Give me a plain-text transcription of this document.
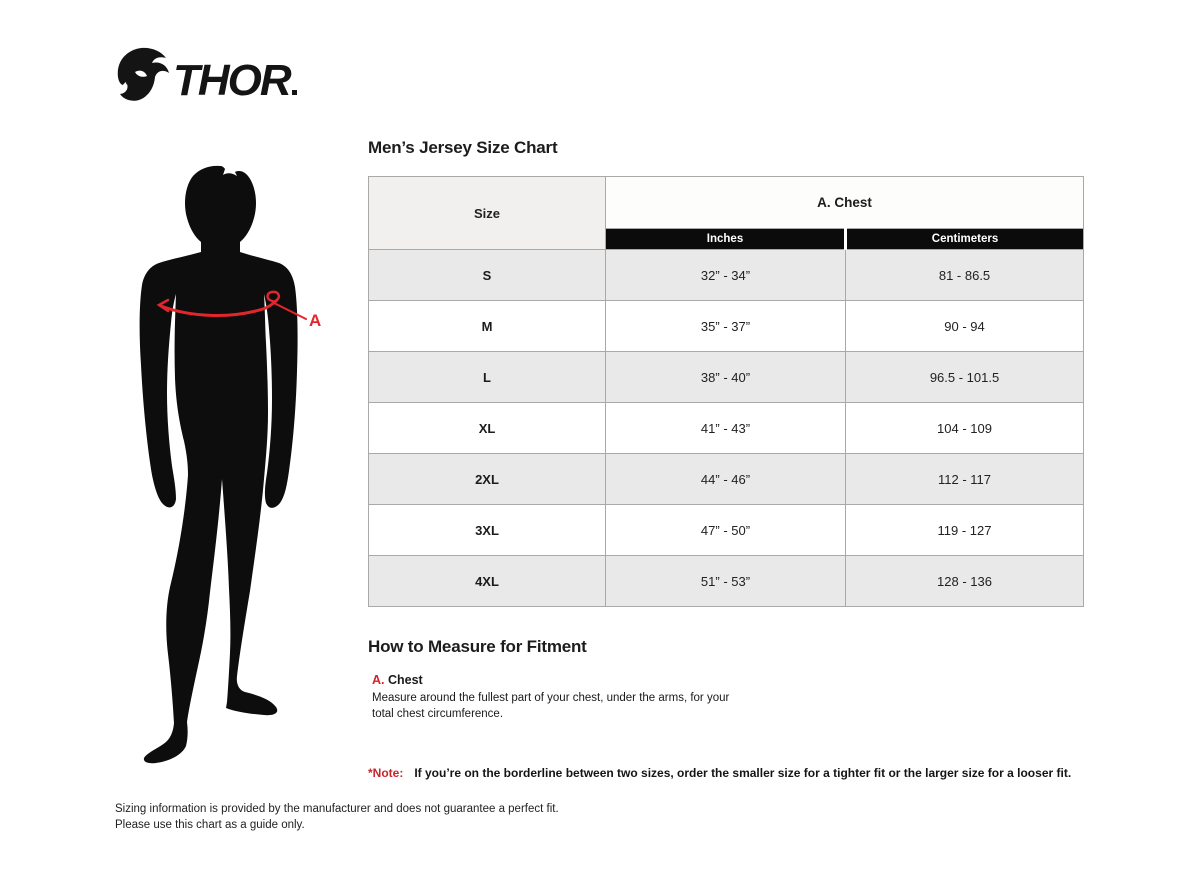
THOR
A
Men’s Jersey Size Chart
Size	A. Chest	
	Inches	Centimeters
S	32” - 34”	81 - 86.5
M	35” - 37”	90 - 94
L	38” - 40”	96.5 - 101.5
XL	41” - 43”	104 - 109
2XL	44” - 46”	112 - 117
3XL	47” - 50”	119 - 127
4XL	51” - 53”	128 - 136
How to Measure for Fitment

A. Chest

Measure around the fullest part of your chest, under the arms, for your
total chest circumference.
*Note: If you’re on the borderline between two sizes, order the smaller size for a tighter fit or the larger size for a looser fit.
Sizing information is provided by the manufacturer and does not guarantee a perfect fit.
Please use this chart as a guide only.
